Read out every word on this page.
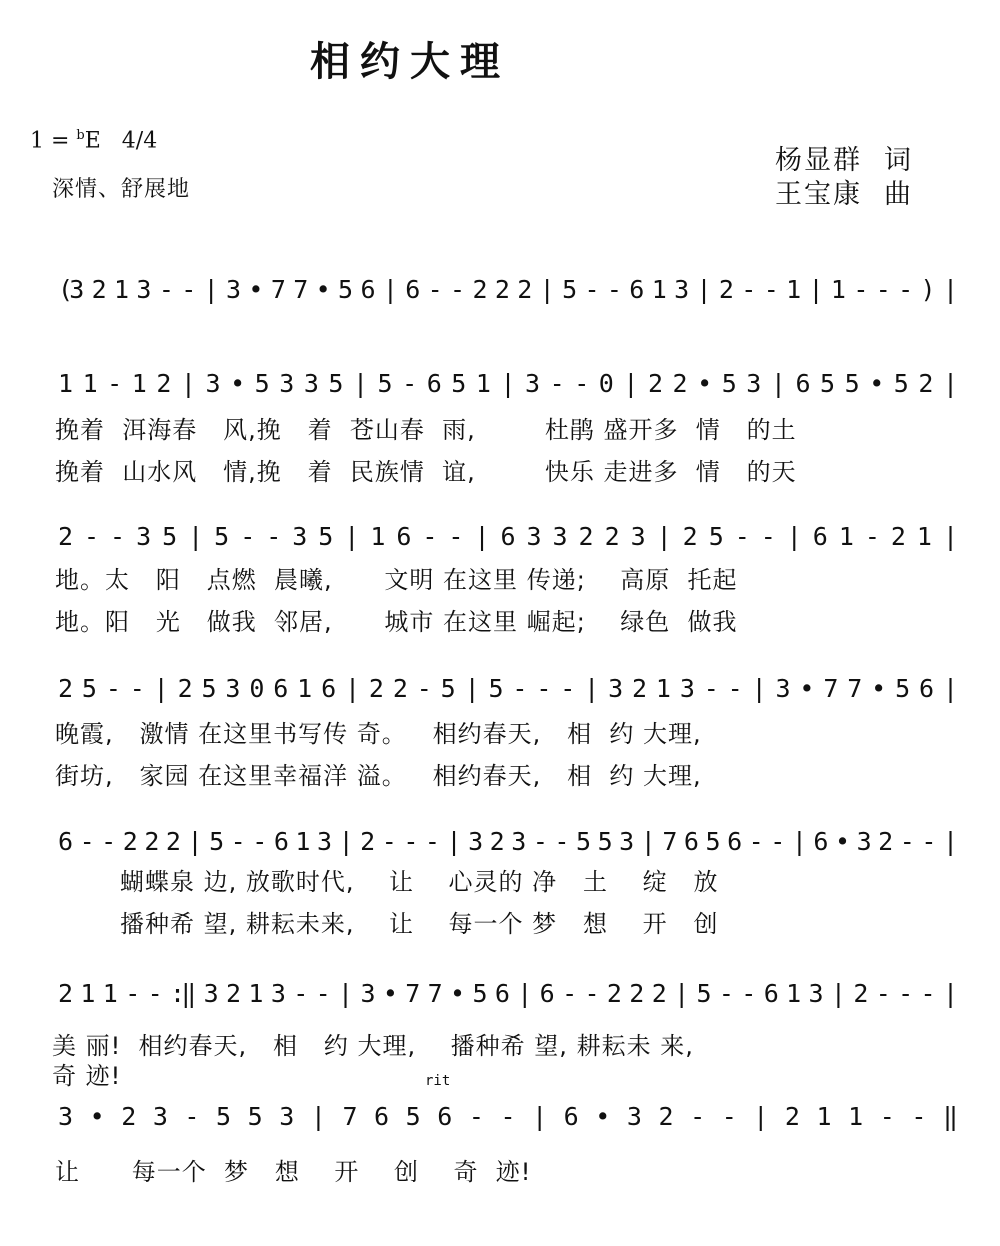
相约大理
1 = $^b$E 4/4
深情、舒展地
杨显群 词
王宝康 曲
(3 2 1 3 - - | 3 • 7 7 • 5 6 | 6 - - 2 2 2 | 5 - - 6 1 3 | 2 - - 1 | 1 - - - ) |
1 1 - 1 2 | 3 • 5 3 3 5 | 5 - 6 5 1 | 3 - - 0 | 2 2 • 5 3 | 6 5 5 • 5 2 |
2 - - 3 5 | 5 - - 3 5 | 1 6 - - | 6 3 3 2 2 3 | 2 5 - - | 6 1 - 2 1 |
2 5 - - | 2 5 3 0 6 1 6 | 2 2 - 5 | 5 - - - | 3 2 1 3 - - | 3 • 7 7 • 5 6 |
6 - - 2 2 2 | 5 - - 6 1 3 | 2 - - - | 3 2 3 - - 5 5 3 | 7 6 5 6 - - | 6 • 3 2 - - |
2 1 1 - - :‖ 3 2 1 3 - - | 3 • 7 7 • 5 6 | 6 - - 2 2 2 | 5 - - 6 1 3 | 2 - - - |
3 • 2 3 - 5 5 3 | 7 6 5 6 - - | 6 • 3 2 - - | 2 1 1 - - ‖
rit
挽着  洱海春   风,挽   着  苍山春  雨,        杜鹃 盛开多  情   的土
挽着  山水风   情,挽   着  民族情  谊,        快乐 走进多  情   的天
地。太   阳   点燃  晨曦,      文明 在这里 传递;    高原  托起
地。阳   光   做我  邻居,      城市 在这里 崛起;    绿色  做我
晚霞,   激情 在这里书写传 奇。   相约春天,   相  约 大理,
街坊,   家园 在这里幸福洋 溢。   相约春天,   相  约 大理,
蝴蝶泉 边, 放歌时代,    让    心灵的 净   土    绽   放
播种希 望, 耕耘未来,    让    每一个 梦   想    开   创
美 丽!  相约春天,   相   约 大理,    播种希 望, 耕耘未 来,
奇 迹!
让      每一个  梦   想    开    创    奇  迹!
